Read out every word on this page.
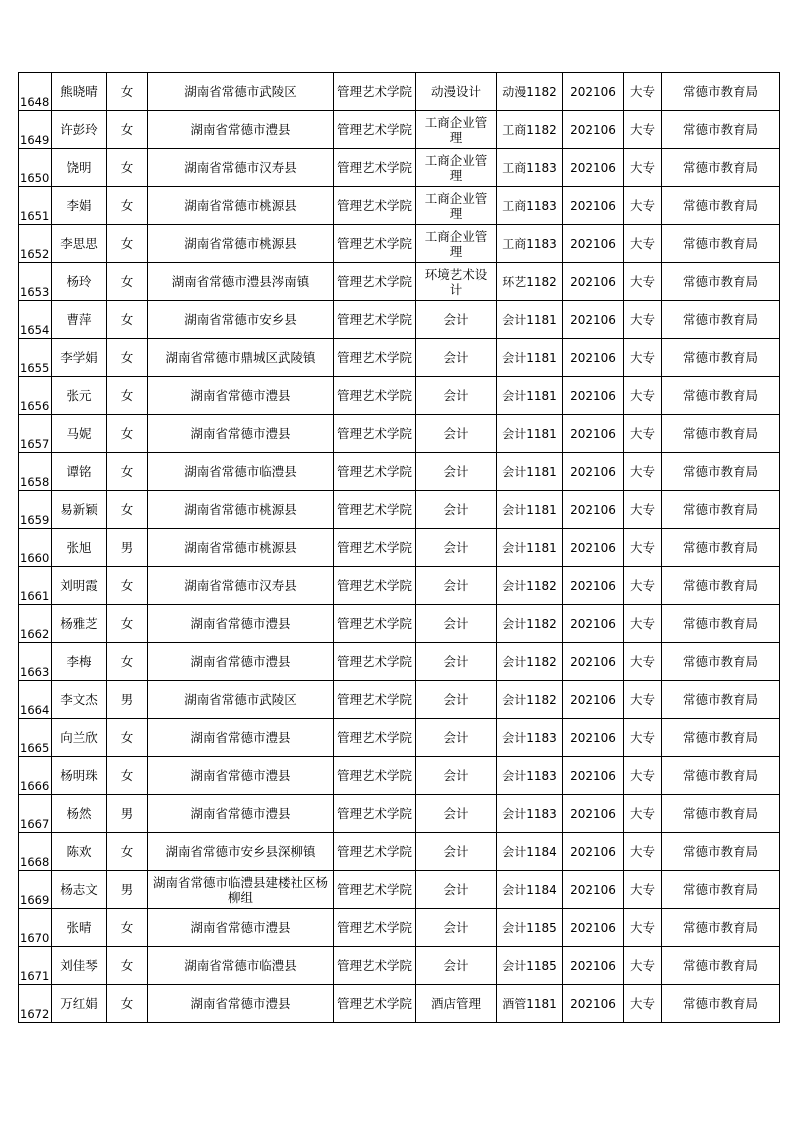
1648	熊晓晴	女	湖南省常德市武陵区	管理艺术学院	动漫设计	动漫1182	202106	大专	常德市教育局

1649	许彭玲	女	湖南省常德市澧县	管理艺术学院	工商企业管理	工商1182	202106	大专	常德市教育局

1650	饶明	女	湖南省常德市汉寿县	管理艺术学院	工商企业管理	工商1183	202106	大专	常德市教育局

1651	李娟	女	湖南省常德市桃源县	管理艺术学院	工商企业管理	工商1183	202106	大专	常德市教育局

1652	李思思	女	湖南省常德市桃源县	管理艺术学院	工商企业管理	工商1183	202106	大专	常德市教育局

1653	杨玲	女	湖南省常德市澧县涔南镇	管理艺术学院	环境艺术设计	环艺1182	202106	大专	常德市教育局

1654	曹萍	女	湖南省常德市安乡县	管理艺术学院	会计	会计1181	202106	大专	常德市教育局

1655	李学娟	女	湖南省常德市鼎城区武陵镇	管理艺术学院	会计	会计1181	202106	大专	常德市教育局

1656	张元	女	湖南省常德市澧县	管理艺术学院	会计	会计1181	202106	大专	常德市教育局

1657	马妮	女	湖南省常德市澧县	管理艺术学院	会计	会计1181	202106	大专	常德市教育局

1658	谭铭	女	湖南省常德市临澧县	管理艺术学院	会计	会计1181	202106	大专	常德市教育局

1659	易新颖	女	湖南省常德市桃源县	管理艺术学院	会计	会计1181	202106	大专	常德市教育局

1660	张旭	男	湖南省常德市桃源县	管理艺术学院	会计	会计1181	202106	大专	常德市教育局

1661	刘明霞	女	湖南省常德市汉寿县	管理艺术学院	会计	会计1182	202106	大专	常德市教育局

1662	杨雅芝	女	湖南省常德市澧县	管理艺术学院	会计	会计1182	202106	大专	常德市教育局

1663	李梅	女	湖南省常德市澧县	管理艺术学院	会计	会计1182	202106	大专	常德市教育局

1664	李文杰	男	湖南省常德市武陵区	管理艺术学院	会计	会计1182	202106	大专	常德市教育局

1665	向兰欣	女	湖南省常德市澧县	管理艺术学院	会计	会计1183	202106	大专	常德市教育局

1666	杨明珠	女	湖南省常德市澧县	管理艺术学院	会计	会计1183	202106	大专	常德市教育局

1667	杨然	男	湖南省常德市澧县	管理艺术学院	会计	会计1183	202106	大专	常德市教育局

1668	陈欢	女	湖南省常德市安乡县深柳镇	管理艺术学院	会计	会计1184	202106	大专	常德市教育局

1669	杨志文	男	湖南省常德市临澧县建楼社区杨柳组	管理艺术学院	会计	会计1184	202106	大专	常德市教育局

1670	张晴	女	湖南省常德市澧县	管理艺术学院	会计	会计1185	202106	大专	常德市教育局

1671	刘佳琴	女	湖南省常德市临澧县	管理艺术学院	会计	会计1185	202106	大专	常德市教育局

1672	万红娟	女	湖南省常德市澧县	管理艺术学院	酒店管理	酒管1181	202106	大专	常德市教育局
